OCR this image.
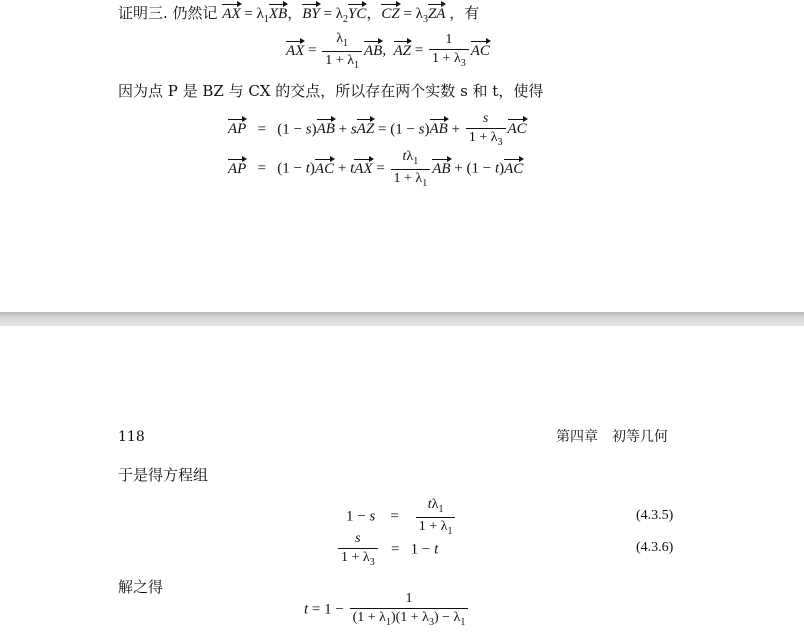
证明三. 仍然记 AX = $\lambda_1XB$，BY = $\lambda_2YC$，CZ = $\lambda_3ZA$ ，有
AX = $\frac{\lambda_1}{1 + \lambda_1}$ AB,  AZ = $\frac{1}{1 + \lambda_3}$ AC
因为点 P 是 BZ 与 CX 的交点，所以存在两个实数 s 和 t，使得
AP   =   (1 − s)AB + sAZ = $(1 - s)AB + \frac{s}{1 + \lambda_3}$ AC
AP   =   (1 − t)AC + tAX = $\frac{t\lambda_1}{1 + \lambda_1}$ AB + (1 − t)AC
118	第四章　初等几何
于是得方程组
1 − s    = $\frac{t\lambda_1}{1 + \lambda_1}$	(4.3.5)
$\frac{s}{1 + \lambda_3} = 1 - t$	(4.3.6)
解之得
$t = 1 - \frac{1}{(1 + \lambda_1)(1 + \lambda_3) - \lambda_1}$
